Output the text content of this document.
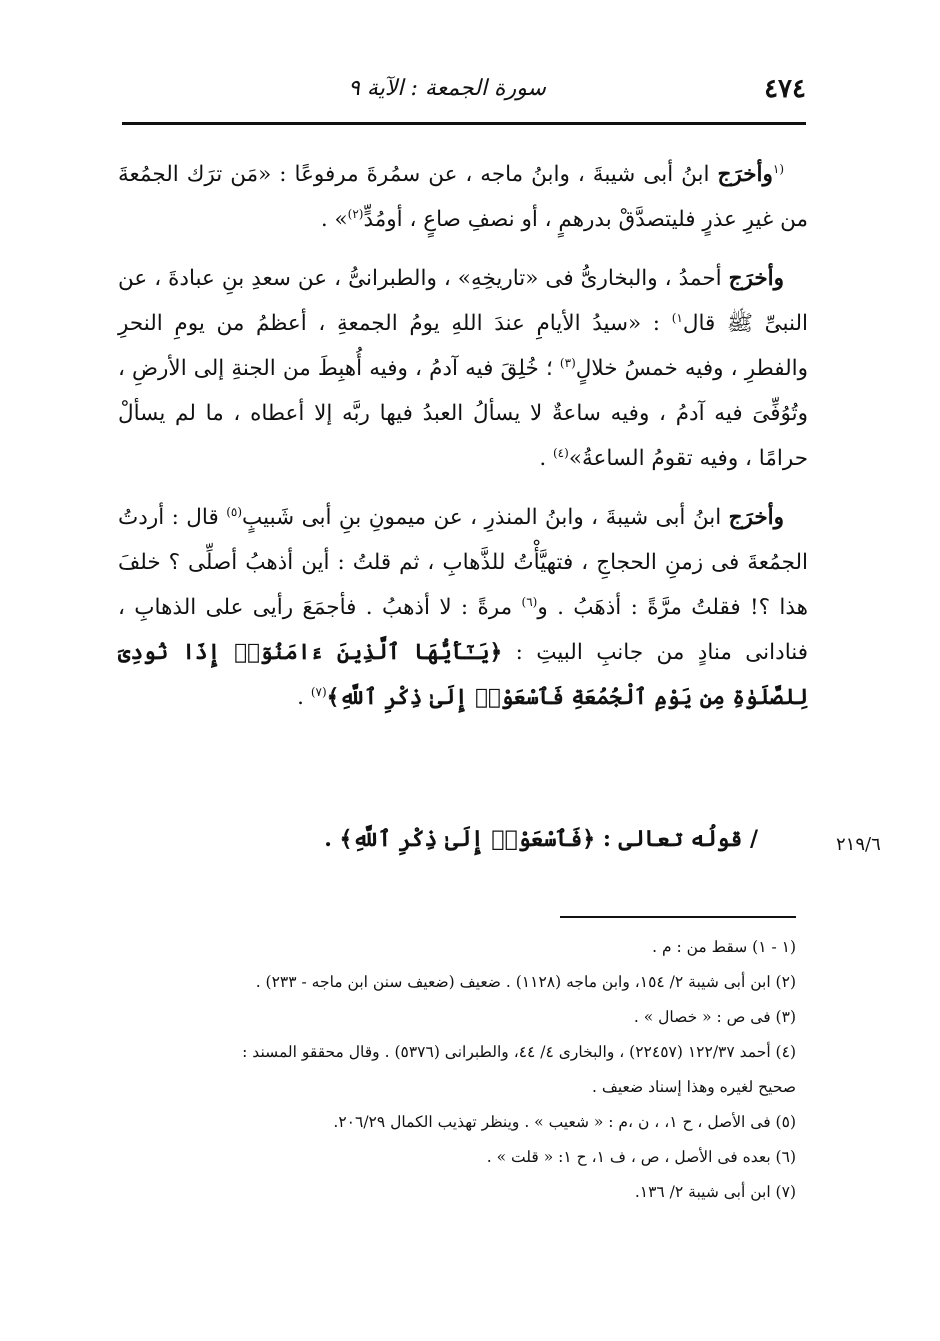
٤٧٤
سورة الجمعة : الآية ٩

$^{(١}$وأخرَج ابنُ أبى شيبةَ ، وابنُ ماجه ، عن سمُرةَ مرفوعًا : «مَن ترَك الجمُعةَ من غيرِ عذرٍ فليتصدَّقْ بدرهمٍ ، أو نصفِ صاعٍ ، أومُدٍّ$^{(٢)}$» .

وأخرَج أحمدُ ، والبخارىُّ فى «تاريخِهِ» ، والطبرانىُّ ، عن سعدِ بنِ عبادةَ ، عن النبىِّ ﷺ قال$^{١)}$ : «سيدُ الأيامِ عندَ اللهِ يومُ الجمعةِ ، أعظمُ من يومِ النحرِ والفطرِ ، وفيه خمسُ خلالٍ$^{(٣)}$ ؛ خُلِقَ فيه آدمُ ، وفيه أُهبِطَ من الجنةِ إلى الأرضِ ، وتُوُفِّىَ فيه آدمُ ، وفيه ساعةٌ لا يسألُ العبدُ فيها ربَّه إلا أعطاه ، ما لم يسألْ حرامًا ، وفيه تقومُ الساعةُ»$^{(٤)}$ .

وأخرَج ابنُ أبى شيبةَ ، وابنُ المنذرِ ، عن ميمونِ بنِ أبى شَبيبٍ$^{(٥)}$ قال : أردتُ الجمُعةَ فى زمنِ الحجاجِ ، فتهيَّأْتُ للذَّهابِ ، ثم قلتُ : أين أذهبُ أصلِّى ؟ خلفَ هذا ؟! فقلتُ مرَّةً : أذهَبُ . و$^{(٦)}$ مرةً : لا أذهبُ . فأجمَعَ رأيى على الذهابِ ، فنادانى منادٍ من جانبِ البيتِ : ﴿يَـٰٓأَيُّهَا ٱلَّذِينَ ءَامَنُوٓا۟ إِذَا نُودِىَ لِلصَّلَوٰةِ مِن يَوْمِ ٱلْجُمُعَةِ فَٱسْعَوْا۟ إِلَىٰ ذِكْرِ ٱللَّهِ﴾$^{(٧)}$ .

٢١٩/٦
/ قولُه تعالى : ﴿فَٱسْعَوْا۟ إِلَىٰ ذِكْرِ ٱللَّهِ﴾ .

(١ - ١) سقط من : م .

(٢) ابن أبى شيبة ٢/ ١٥٤، وابن ماجه (١١٢٨) . ضعيف (ضعيف سنن ابن ماجه - ٢٣٣) .

(٣) فى ص : « خصال » .

(٤) أحمد ١٢٢/٣٧ (٢٢٤٥٧) ، والبخارى ٤/ ٤٤، والطبرانى (٥٣٧٦) . وقال محققو المسند :

صحيح لغيره وهذا إسناد ضعيف .

(٥) فى الأصل ، ح ١، ، ن ،م : « شعيب » . وينظر تهذيب الكمال ٢٠٦/٢٩.

(٦) بعده فى الأصل ، ص ، ف ١، ح ١: « قلت » .

(٧) ابن أبى شيبة ٢/ ١٣٦.
